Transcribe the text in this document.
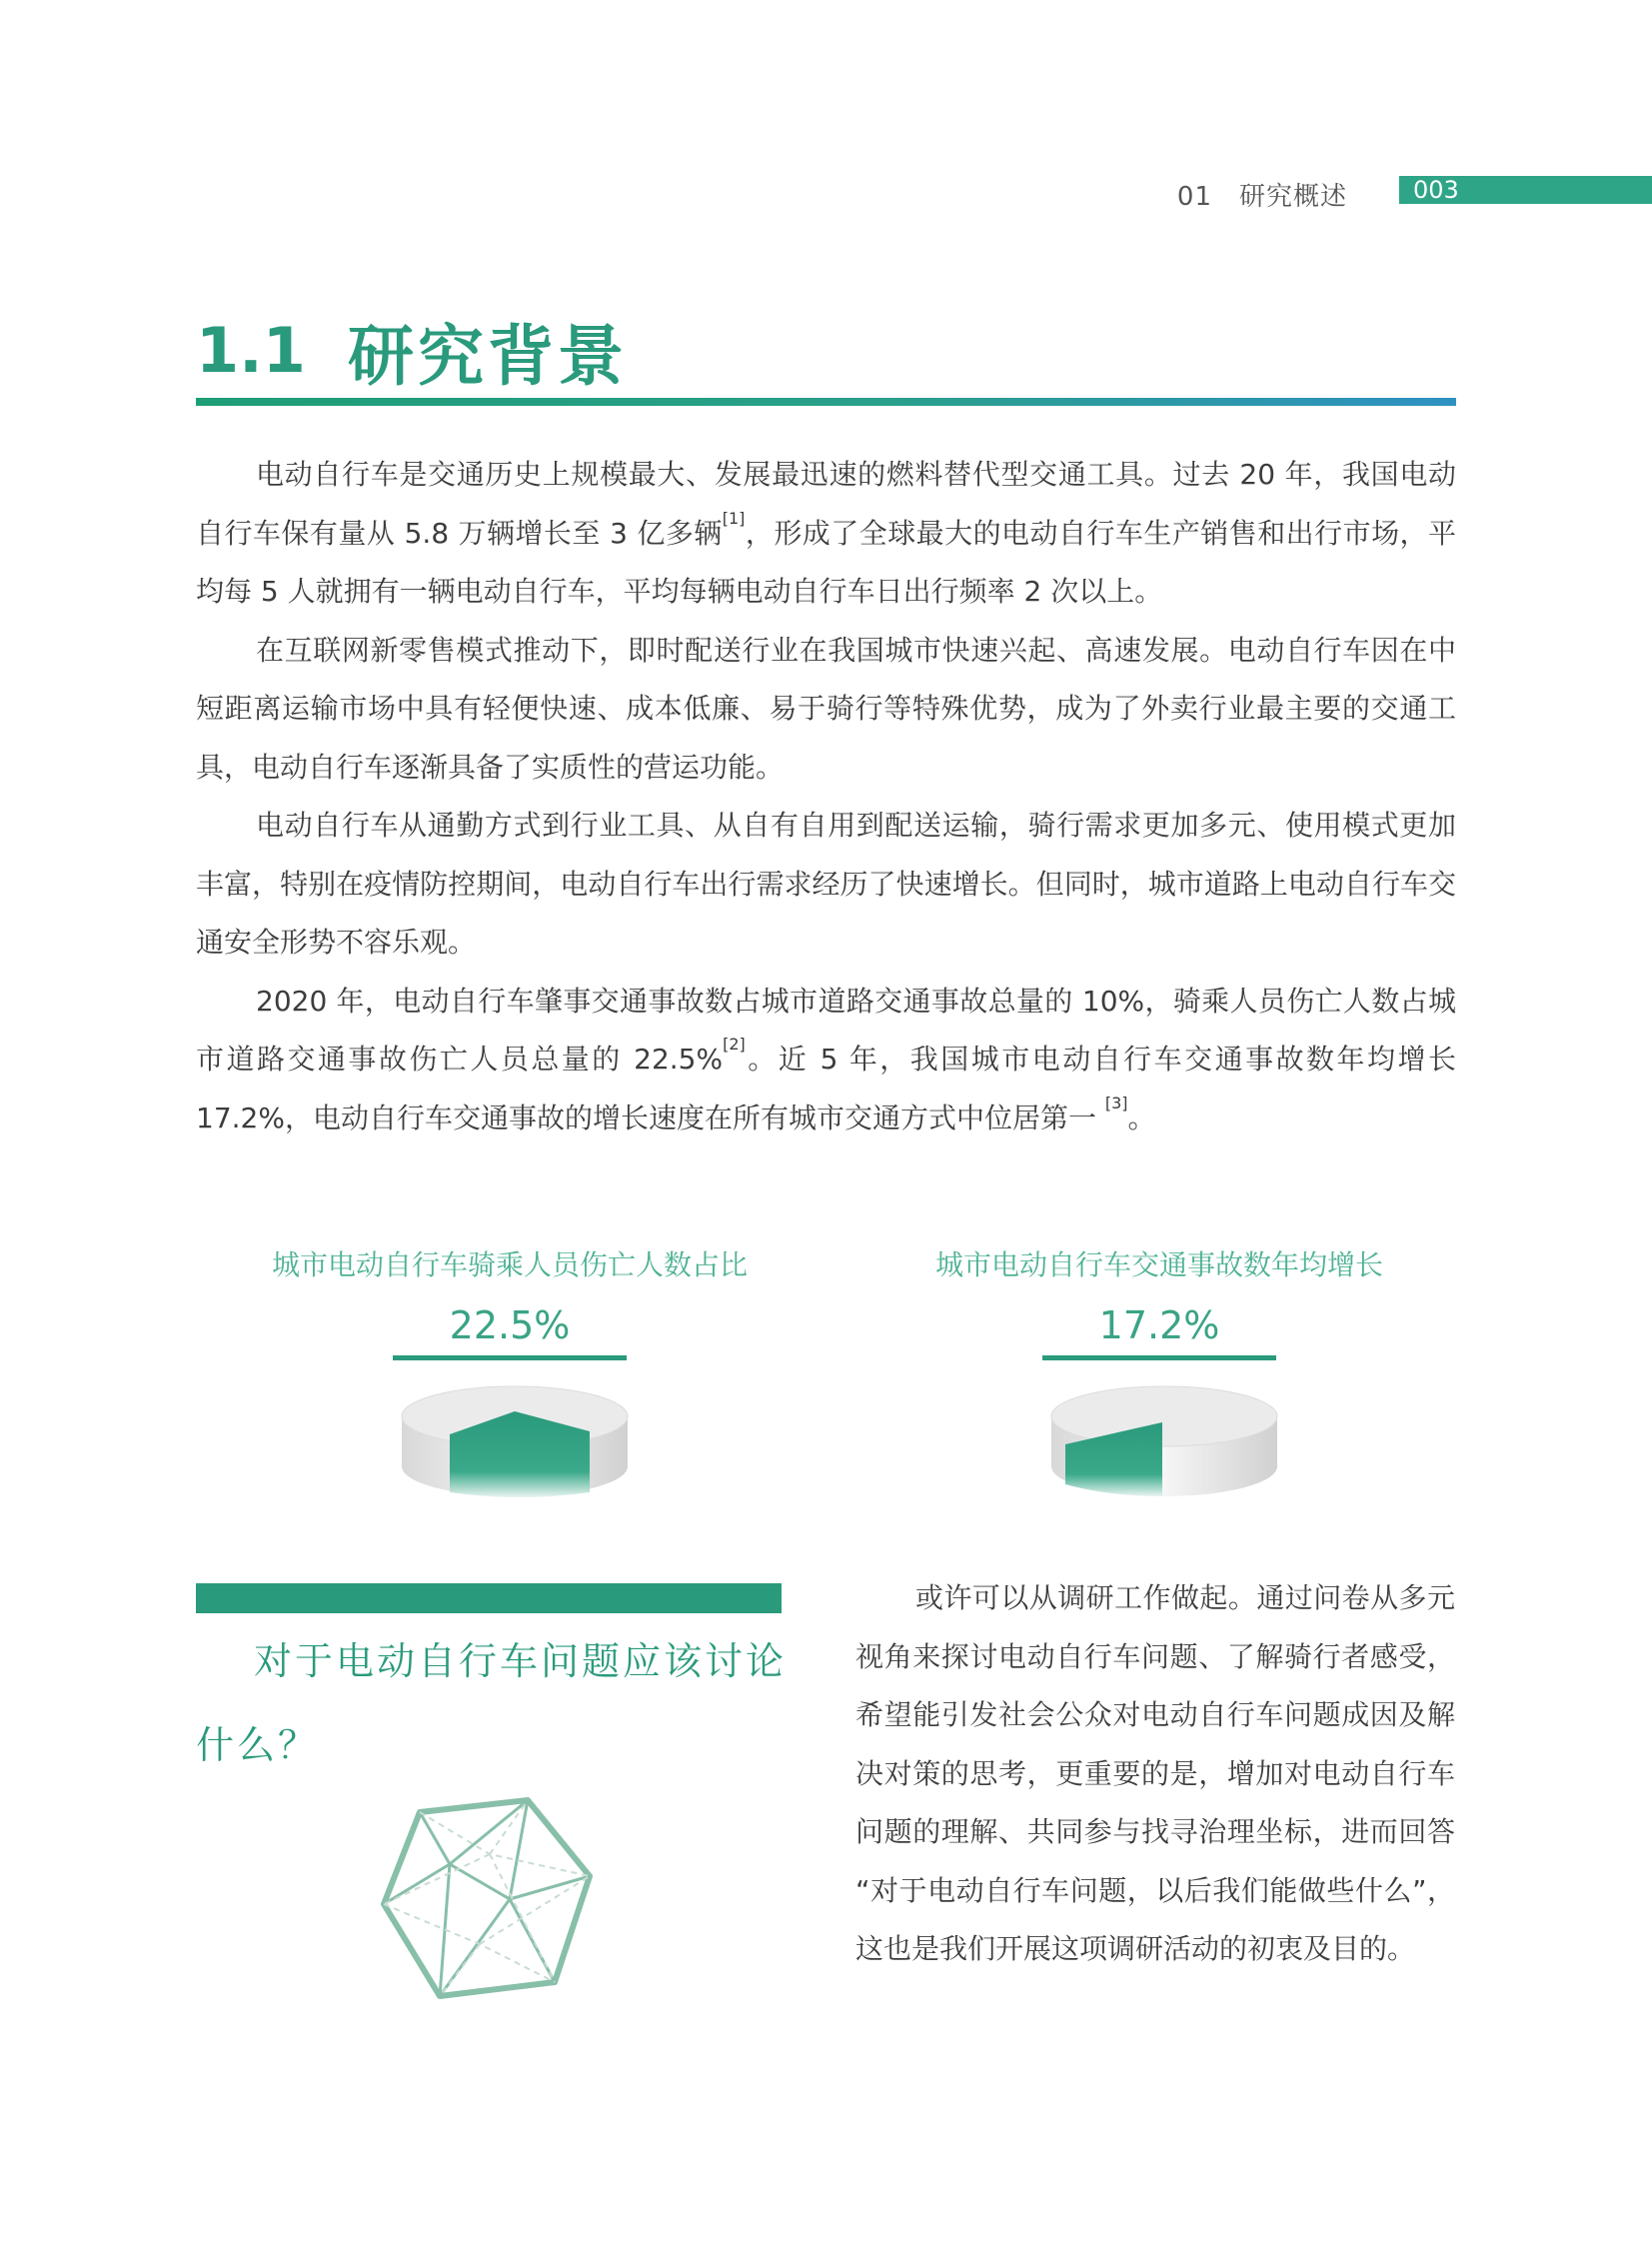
01　研究概述	003
1.1 研究背景

电动自行车是交通历史上规模最大、发展最迅速的燃料替代型交通工具。过去 20 年，我国电动自行车保有量从 5.8 万辆增长至 3 亿多辆[1]，形成了全球最大的电动自行车生产销售和出行市场，平均每 5 人就拥有一辆电动自行车，平均每辆电动自行车日出行频率 2 次以上。

在互联网新零售模式推动下，即时配送行业在我国城市快速兴起、高速发展。电动自行车因在中短距离运输市场中具有轻便快速、成本低廉、易于骑行等特殊优势，成为了外卖行业最主要的交通工具，电动自行车逐渐具备了实质性的营运功能。

电动自行车从通勤方式到行业工具、从自有自用到配送运输，骑行需求更加多元、使用模式更加丰富，特别在疫情防控期间，电动自行车出行需求经历了快速增长。但同时，城市道路上电动自行车交通安全形势不容乐观。

2020 年，电动自行车肇事交通事故数占城市道路交通事故总量的 10%，骑乘人员伤亡人数占城市道路交通事故伤亡人员总量的 22.5%[2]。近 5 年，我国城市电动自行车交通事故数年均增长 17.2%，电动自行车交通事故的增长速度在所有城市交通方式中位居第一 [3]。

城市电动自行车骑乘人员伤亡人数占比
22.5%
城市电动自行车交通事故数年均增长
17.2%
对于电动自行车问题应该讨论
什么？

或许可以从调研工作做起。通过问卷从多元视角来探讨电动自行车问题、了解骑行者感受，希望能引发社会公众对电动自行车问题成因及解决对策的思考，更重要的是，增加对电动自行车问题的理解、共同参与找寻治理坐标，进而回答 “对于电动自行车问题，以后我们能做些什么”，这也是我们开展这项调研活动的初衷及目的。
